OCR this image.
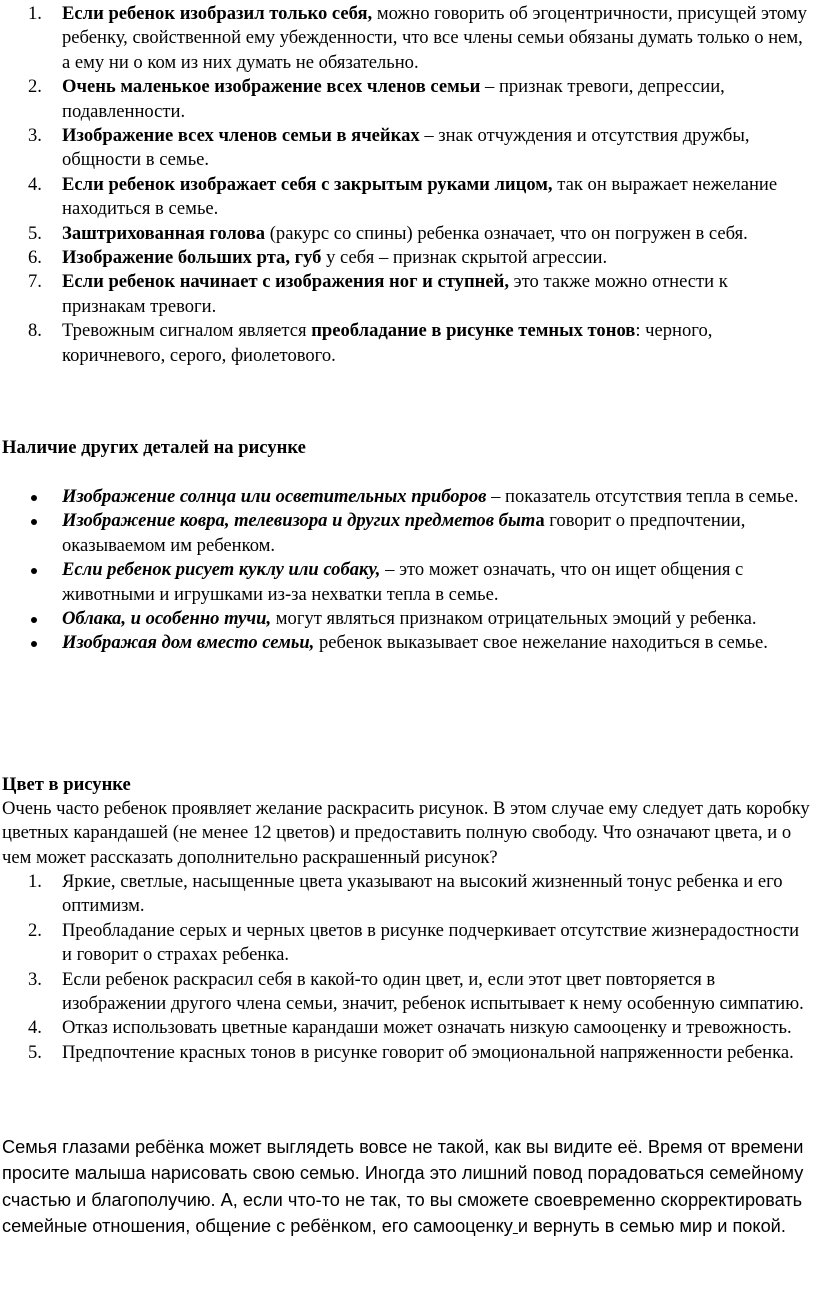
1. Если ребенок изобразил только себя, можно говорить об эгоцентричности, присущей этому ребенку, свойственной ему убежденности, что все члены семьи обязаны думать только о нем, а ему ни о ком из них думать не обязательно.
2. Очень маленькое изображение всех членов семьи – признак тревоги, депрессии, подавленности.
3. Изображение всех членов семьи в ячейках – знак отчуждения и отсутствия дружбы, общности в семье.
4. Если ребенок изображает себя с закрытым руками лицом, так он выражает нежелание находиться в семье.
5. Заштрихованная голова (ракурс со спины) ребенка означает, что он погружен в себя.
6. Изображение больших рта, губ у себя – признак скрытой агрессии.
7. Если ребенок начинает с изображения ног и ступней, это также можно отнести к признакам тревоги.
8. Тревожным сигналом является преобладание в рисунке темных тонов: черного, коричневого, серого, фиолетового.
Наличие других деталей на рисунке
Изображение солнца или осветительных приборов – показатель отсутствия тепла в семье.
Изображение ковра, телевизора и других предметов быта говорит о предпочтении, оказываемом им ребенком.
Если ребенок рисует куклу или собаку, – это может означать, что он ищет общения с животными и игрушками из-за нехватки тепла в семье.
Облака, и особенно тучи, могут являться признаком отрицательных эмоций у ребенка.
Изображая дом вместо семьи, ребенок выказывает свое нежелание находиться в семье.
Цвет в рисунке
Очень часто ребенок проявляет желание раскрасить рисунок. В этом случае ему следует дать коробку цветных карандашей (не менее 12 цветов) и предоставить полную свободу. Что означают цвета, и о чем может рассказать дополнительно раскрашенный рисунок?
1. Яркие, светлые, насыщенные цвета указывают на высокий жизненный тонус ребенка и его оптимизм.
2. Преобладание серых и черных цветов в рисунке подчеркивает отсутствие жизнерадостности и говорит о страхах ребенка.
3. Если ребенок раскрасил себя в какой-то один цвет, и, если этот цвет повторяется в изображении другого члена семьи, значит, ребенок испытывает к нему особенную симпатию.
4. Отказ использовать цветные карандаши может означать низкую самооценку и тревожность.
5. Предпочтение красных тонов в рисунке говорит об эмоциональной напряженности ребенка.
Семья глазами ребёнка может выглядеть вовсе не такой, как вы видите её. Время от времени просите малыша нарисовать свою семью. Иногда это лишний повод порадоваться семейному счастью и благополучию. А, если что-то не так, то вы сможете своевременно скорректировать семейные отношения, общение с ребёнком, его самооценку и вернуть в семью мир и покой.
